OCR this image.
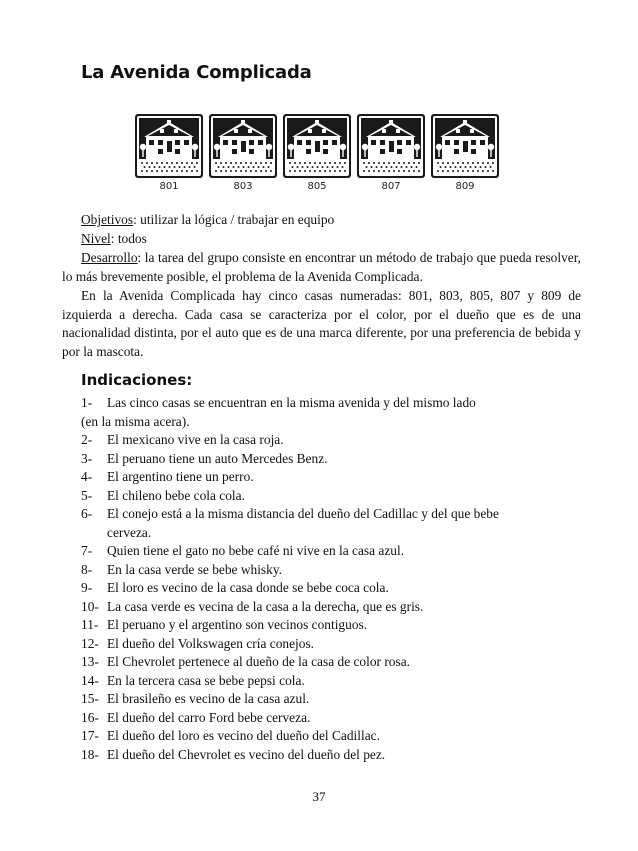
La Avenida Complicada
801	803	805	807	809

Objetivos: utilizar la lógica / trabajar en equipo

Nivel: todos

Desarrollo: la tarea del grupo consiste en encontrar un método de trabajo que pueda resolver, lo más brevemente posible, el problema de la Avenida Complicada.

En la Avenida Complicada hay cinco casas numeradas: 801, 803, 805, 807 y 809 de izquierda a derecha. Cada casa se caracteriza por el color, por el dueño que es de una nacionalidad distinta, por el auto que es de una marca diferente, por una preferencia de bebida y por la mascota.

Indicaciones:
1-	Las cinco casas se encuentran en la misma avenida y del mismo lado
(en la misma acera).
2-	El mexicano vive en la casa roja.
3-	El peruano tiene un auto Mercedes Benz.
4-	El argentino tiene un perro.
5-	El chileno bebe cola cola.
6-	El conejo está a la misma distancia del dueño del Cadillac y del que bebe
cerveza.
7-	Quien tiene el gato no bebe café ni vive en la casa azul.
8-	En la casa verde se bebe whisky.
9-	El loro es vecino de la casa donde se bebe coca cola.
10- La casa verde es vecina de la casa a la derecha, que es gris.
11- El peruano y el argentino son vecinos contiguos.
12- El dueño del Volkswagen cría conejos.
13- El Chevrolet pertenece al dueño de la casa de color rosa.
14- En la tercera casa se bebe pepsi cola.
15- El brasileño es vecino de la casa azul.
16- El dueño del carro Ford bebe cerveza.
17- El dueño del loro es vecino del dueño del Cadillac.
18- El dueño del Chevrolet es vecino del dueño del pez.
37
